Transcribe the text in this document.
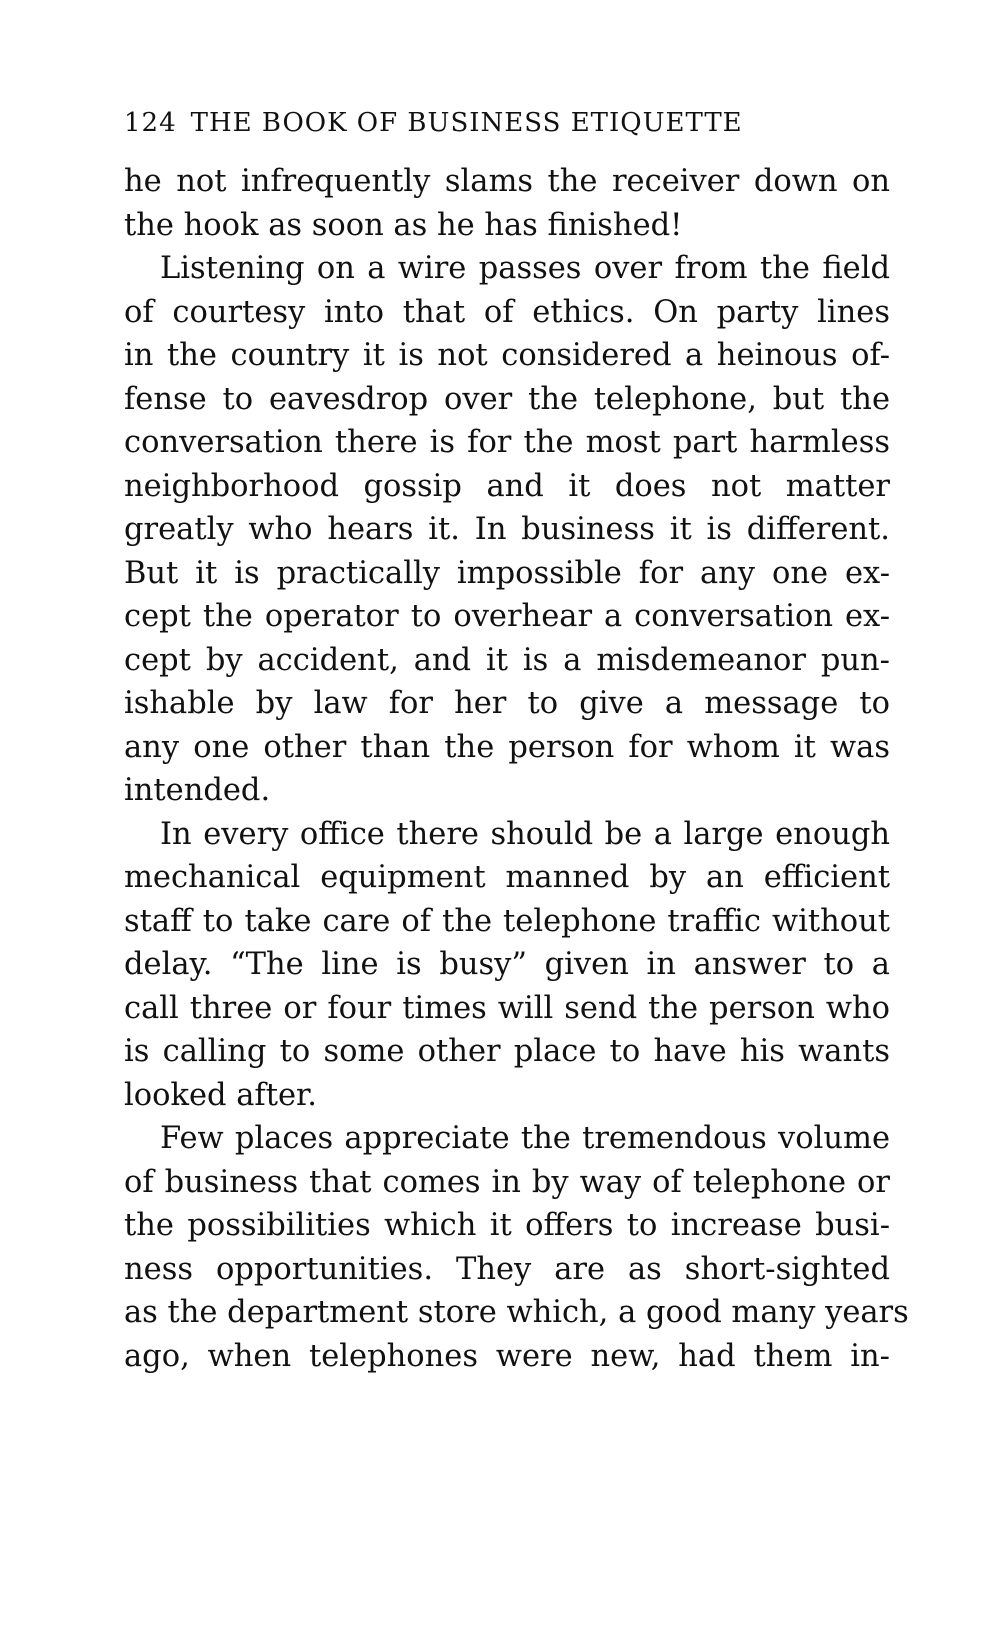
124 THE BOOK OF BUSINESS ETIQUETTE
he not infrequently slams the receiver down on
the hook as soon as he has finished!
Listening on a wire passes over from the field
of courtesy into that of ethics. On party lines
in the country it is not considered a heinous of-
fense to eavesdrop over the telephone, but the
conversation there is for the most part harmless
neighborhood gossip and it does not matter
greatly who hears it. In business it is different.
But it is practically impossible for any one ex-
cept the operator to overhear a conversation ex-
cept by accident, and it is a misdemeanor pun-
ishable by law for her to give a message to
any one other than the person for whom it was
intended.
In every office there should be a large enough
mechanical equipment manned by an efficient
staff to take care of the telephone traffic without
delay. “The line is busy” given in answer to a
call three or four times will send the person who
is calling to some other place to have his wants
looked after.
Few places appreciate the tremendous volume
of business that comes in by way of telephone or
the possibilities which it offers to increase busi-
ness opportunities. They are as short-sighted
as the department store which, a good many years
ago, when telephones were new, had them in-
